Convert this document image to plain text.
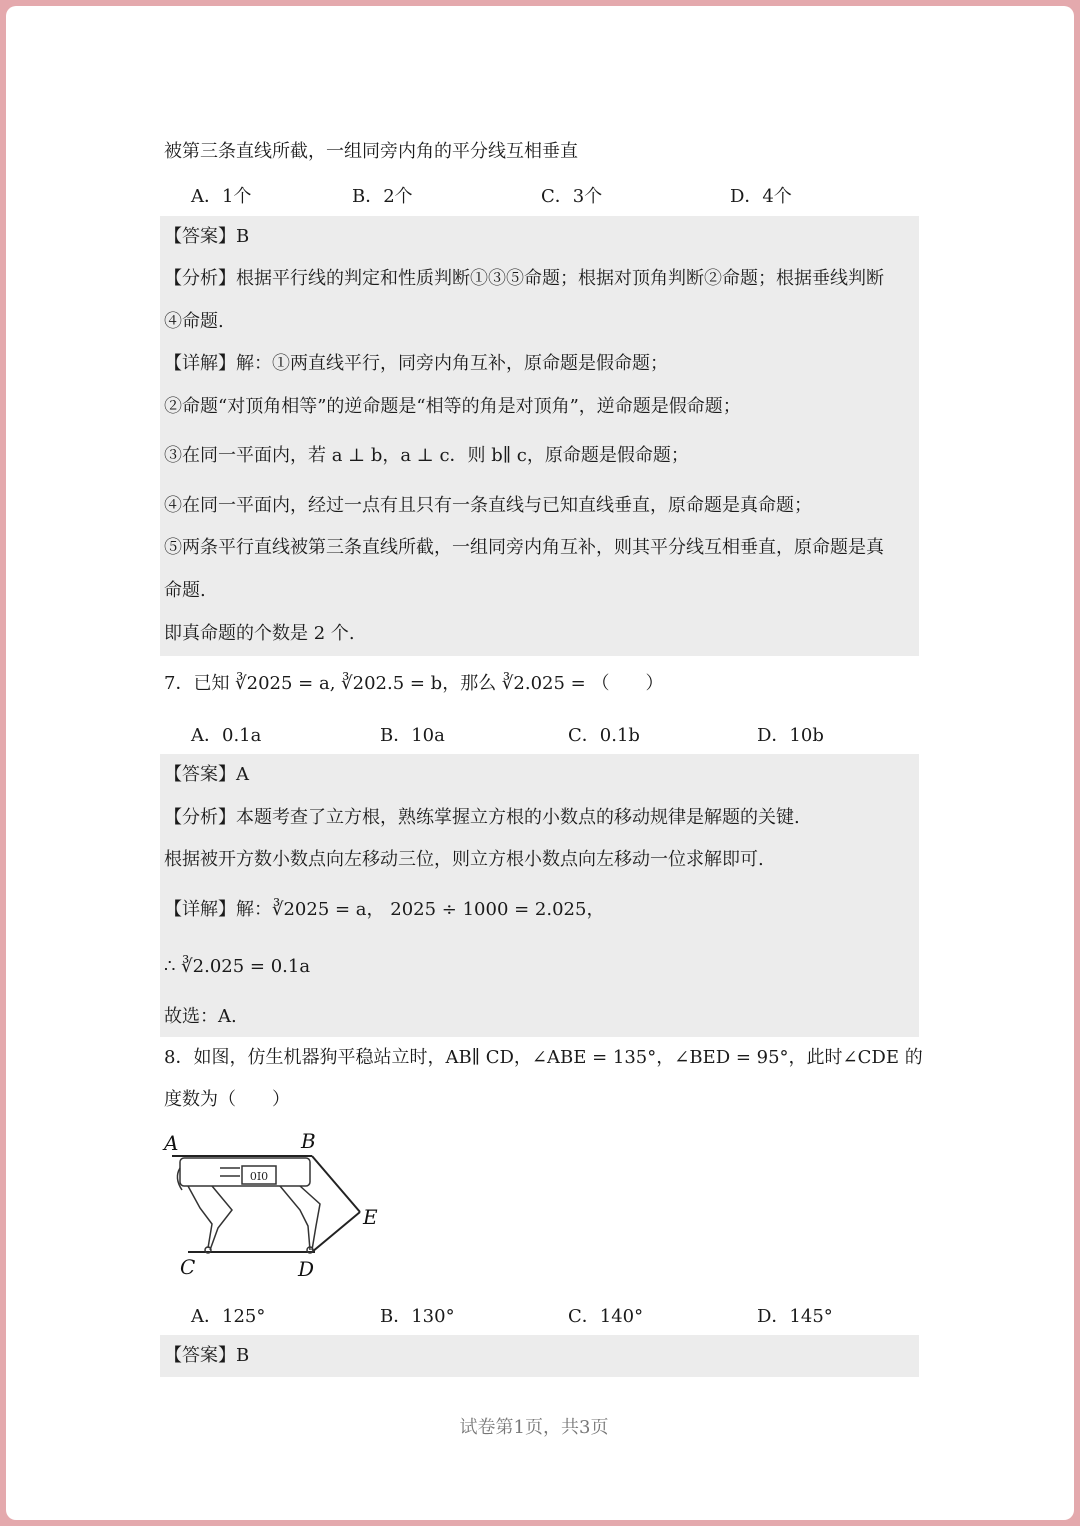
被第三条直线所截，一组同旁内角的平分线互相垂直
A．1个	B．2个	C．3个	D．4个
【答案】B
【分析】根据平行线的判定和性质判断①③⑤命题；根据对顶角判断②命题；根据垂线判断
④命题.
【详解】解：①两直线平行，同旁内角互补，原命题是假命题；
②命题“对顶角相等”的逆命题是“相等的角是对顶角”，逆命题是假命题；
③在同一平面内，若 a ⊥ b，a ⊥ c．则 b∥ c，原命题是假命题；
④在同一平面内，经过一点有且只有一条直线与已知直线垂直，原命题是真命题；
⑤两条平行直线被第三条直线所截，一组同旁内角互补，则其平分线互相垂直，原命题是真
命题.
即真命题的个数是 2 个.
7．已知 ∛2025 = a, ∛202.5 = b，那么 ∛2.025 = （　　）
A．0.1a	B．10a	C．0.1b	D．10b
【答案】A
【分析】本题考查了立方根，熟练掌握立方根的小数点的移动规律是解题的关键.
根据被开方数小数点向左移动三位，则立方根小数点向左移动一位求解即可.
【详解】解：∛2025 = a， 2025 ÷ 1000 = 2.025，
∴ ∛2.025 = 0.1a
故选：A.
8．如图，仿生机器狗平稳站立时，AB∥ CD，∠ABE = 135°，∠BED = 95°，此时∠CDE 的
度数为（　　）
0I0
A	B
C	D
E
A．125°	B．130°	C．140°	D．145°
【答案】B
试卷第1页，共3页
